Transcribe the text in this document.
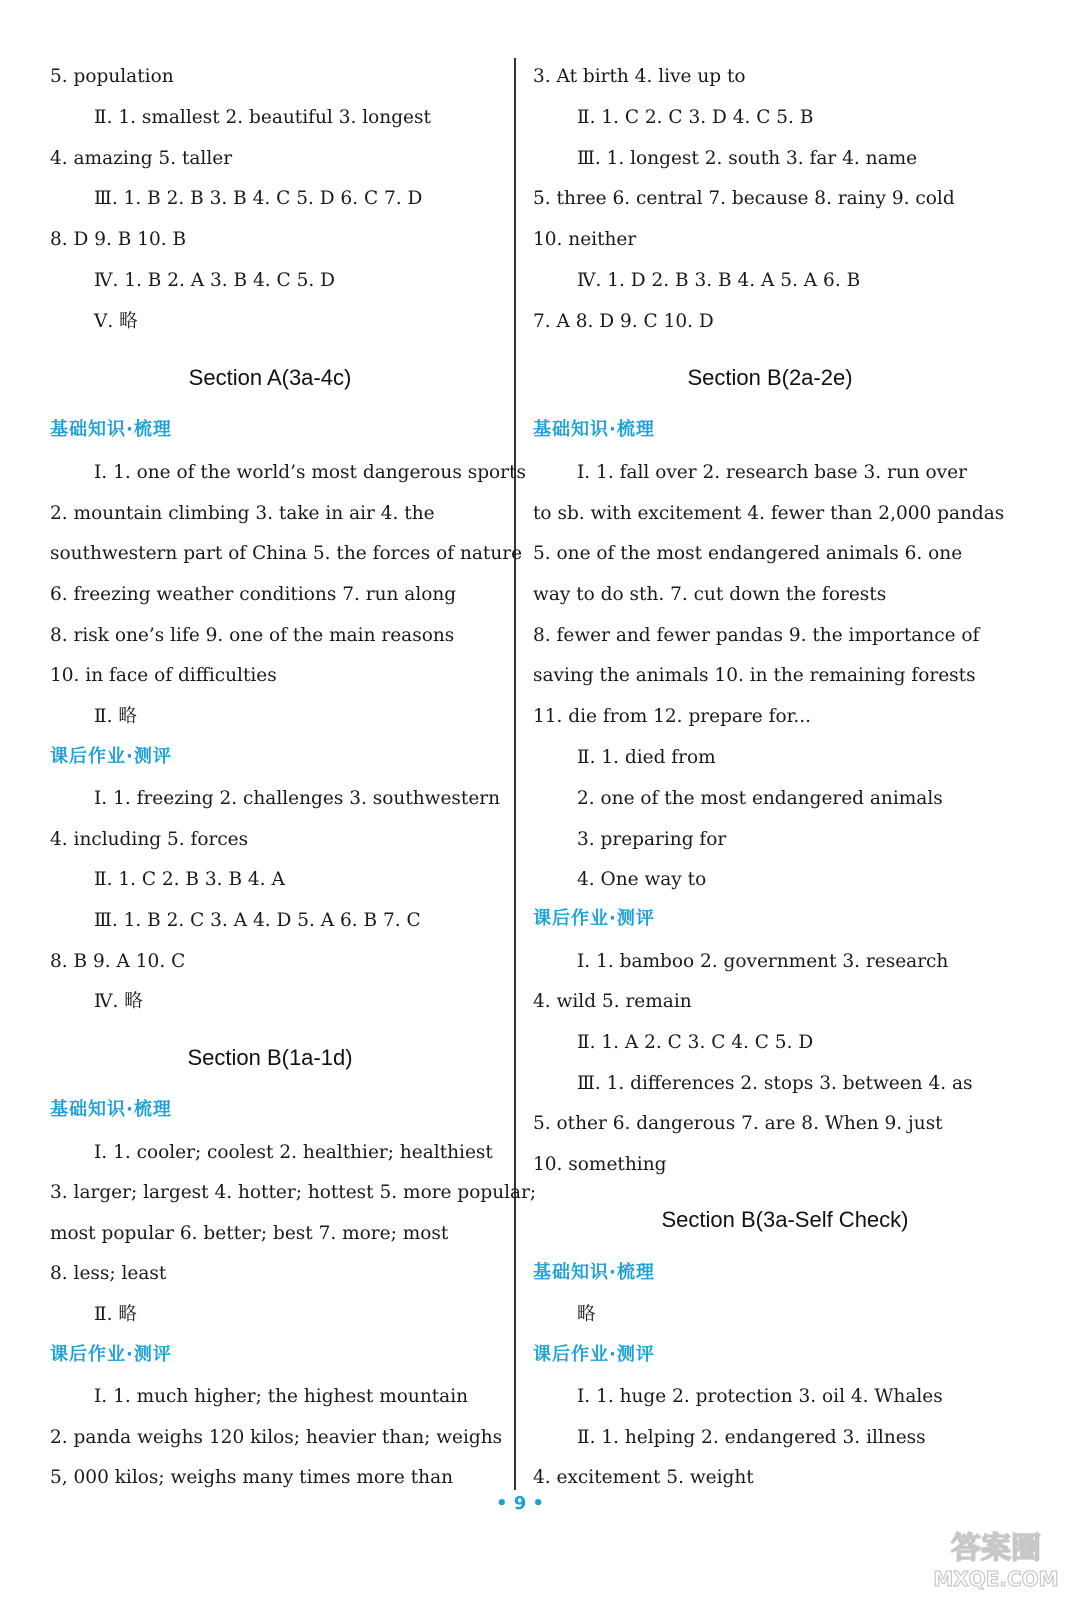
5. population
Ⅱ. 1. smallest 2. beautiful 3. longest
4. amazing 5. taller
Ⅲ. 1. B 2. B 3. B 4. C 5. D 6. C 7. D
8. D 9. B 10. B
Ⅳ. 1. B 2. A 3. B 4. C 5. D
Ⅴ. 略
Section A(3a-4c)
基础知识·梳理
Ⅰ. 1. one of the world’s most dangerous sports
2. mountain climbing 3. take in air 4. the
southwestern part of China 5. the forces of nature
6. freezing weather conditions 7. run along
8. risk one’s life 9. one of the main reasons
10. in face of difficulties
Ⅱ. 略
课后作业·测评
Ⅰ. 1. freezing 2. challenges 3. southwestern
4. including 5. forces
Ⅱ. 1. C 2. B 3. B 4. A
Ⅲ. 1. B 2. C 3. A 4. D 5. A 6. B 7. C
8. B 9. A 10. C
Ⅳ. 略
Section B(1a-1d)
基础知识·梳理
Ⅰ. 1. cooler; coolest 2. healthier; healthiest
3. larger; largest 4. hotter; hottest 5. more popular;
most popular 6. better; best 7. more; most
8. less; least
Ⅱ. 略
课后作业·测评
Ⅰ. 1. much higher; the highest mountain
2. panda weighs 120 kilos; heavier than; weighs
5, 000 kilos; weighs many times more than
3. At birth 4. live up to
Ⅱ. 1. C 2. C 3. D 4. C 5. B
Ⅲ. 1. longest 2. south 3. far 4. name
5. three 6. central 7. because 8. rainy 9. cold
10. neither
Ⅳ. 1. D 2. B 3. B 4. A 5. A 6. B
7. A 8. D 9. C 10. D
Section B(2a-2e)
基础知识·梳理
Ⅰ. 1. fall over 2. research base 3. run over
to sb. with excitement 4. fewer than 2,000 pandas
5. one of the most endangered animals 6. one
way to do sth. 7. cut down the forests
8. fewer and fewer pandas 9. the importance of
saving the animals 10. in the remaining forests
11. die from 12. prepare for...
Ⅱ. 1. died from
2. one of the most endangered animals
3. preparing for
4. One way to
课后作业·测评
Ⅰ. 1. bamboo 2. government 3. research
4. wild 5. remain
Ⅱ. 1. A 2. C 3. C 4. C 5. D
Ⅲ. 1. differences 2. stops 3. between 4. as
5. other 6. dangerous 7. are 8. When 9. just
10. something
Section B(3a-Self Check)
基础知识·梳理
略
课后作业·测评
Ⅰ. 1. huge 2. protection 3. oil 4. Whales
Ⅱ. 1. helping 2. endangered 3. illness
4. excitement 5. weight
• 9 •
答案圈
MXQE.COM
